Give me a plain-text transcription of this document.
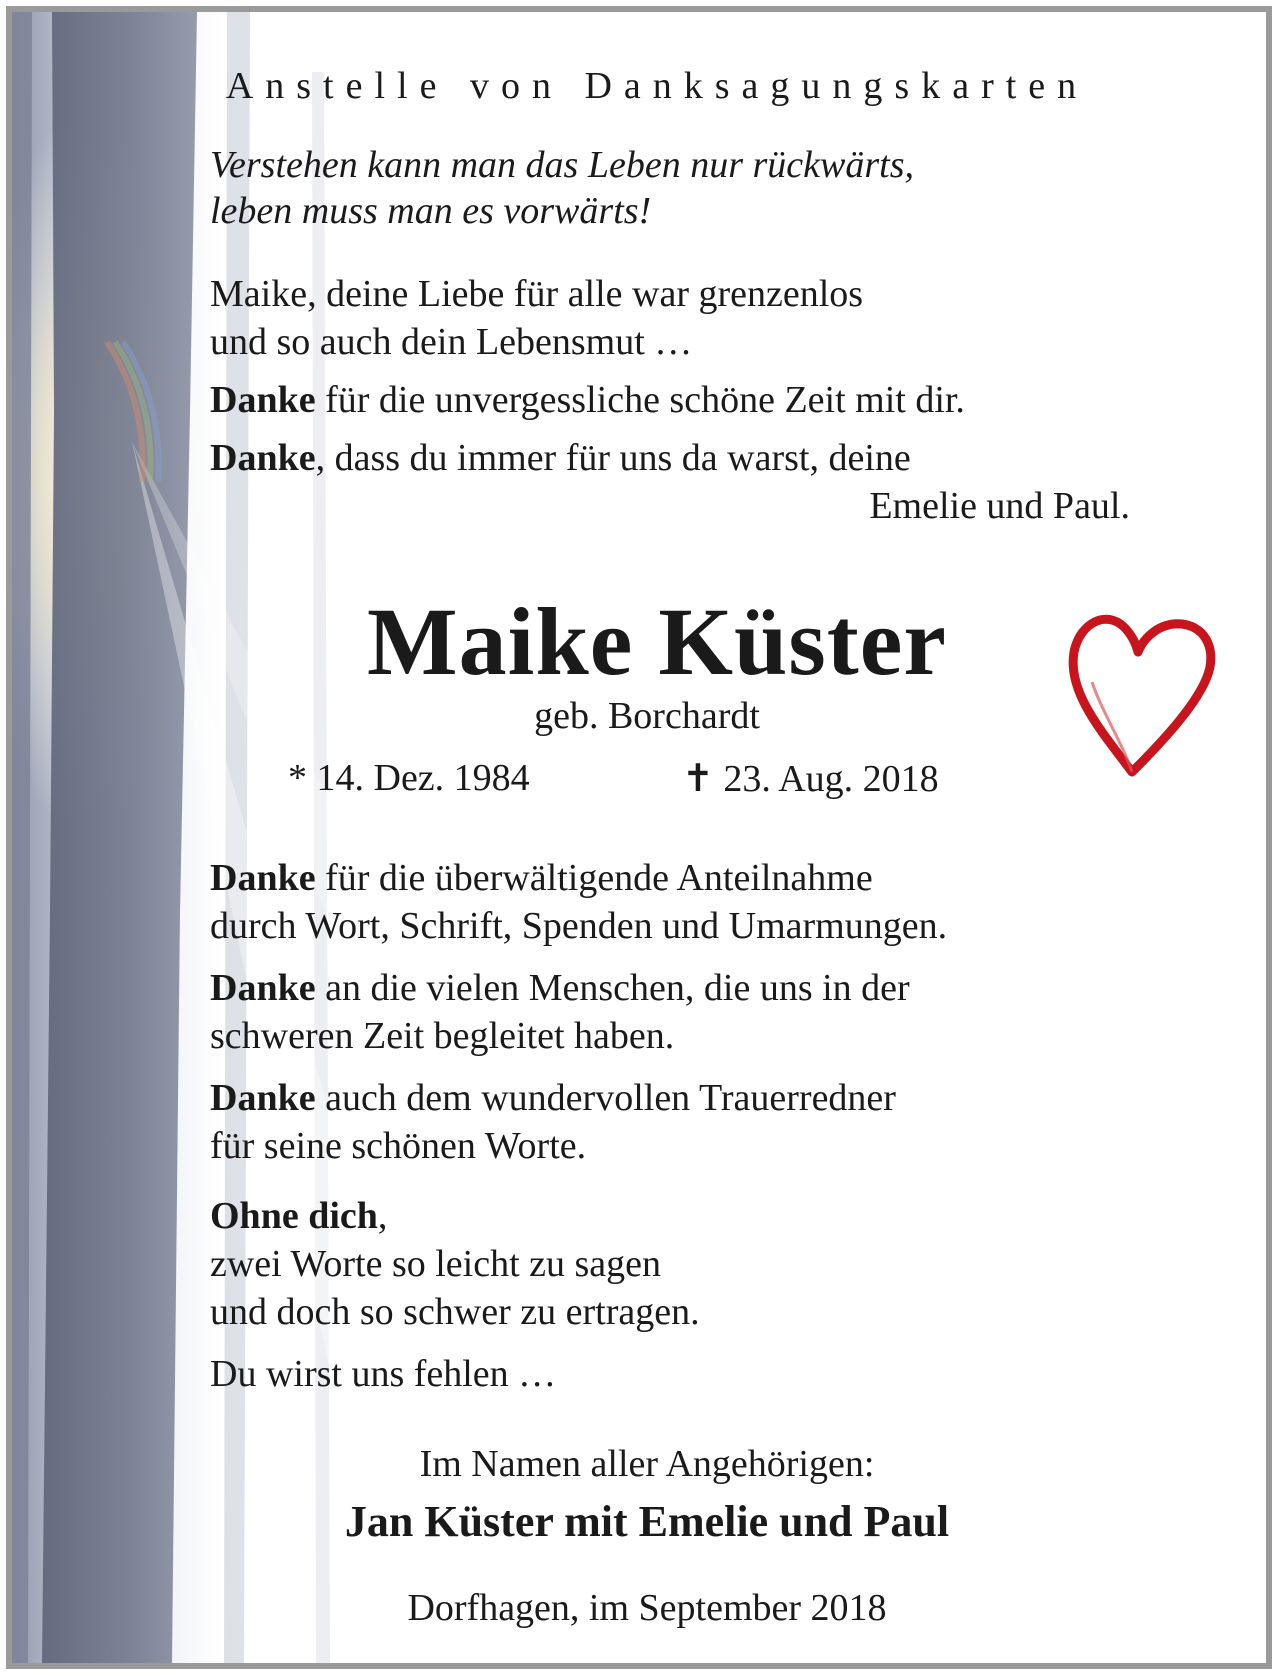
Anstelle von Danksagungskarten
Verstehen kann man das Leben nur rückwärts,
leben muss man es vorwärts!
Maike, deine Liebe für alle war grenzenlos
und so auch dein Lebensmut …
Danke für die unvergessliche schöne Zeit mit dir.
Danke, dass du immer für uns da warst, deine
Emelie und Paul.
Maike Küster
geb. Borchardt
* 14. Dez. 1984	✝ 23. Aug. 2018
Danke für die überwältigende Anteilnahme
durch Wort, Schrift, Spenden und Umarmungen.
Danke an die vielen Menschen, die uns in der
schweren Zeit begleitet haben.
Danke auch dem wundervollen Trauerredner
für seine schönen Worte.
Ohne dich,
zwei Worte so leicht zu sagen
und doch so schwer zu ertragen.
Du wirst uns fehlen …
Im Namen aller Angehörigen:
Jan Küster mit Emelie und Paul
Dorfhagen, im September 2018
